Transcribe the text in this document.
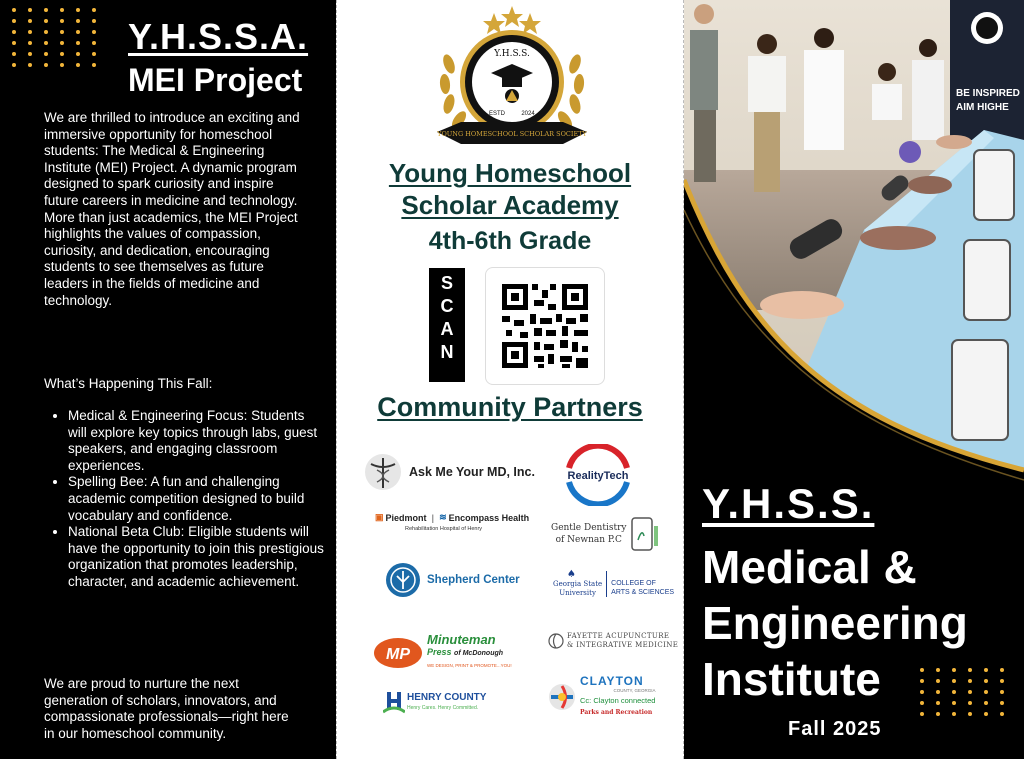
Y.H.S.S.A.
MEI Project
We are thrilled to introduce an exciting and immersive opportunity for homeschool students: The Medical & Engineering Institute (MEI) Project. A dynamic program designed to spark curiosity and inspire future careers in medicine and technology. More than just academics, the MEI Project highlights the values of compassion, curiosity, and dedication, encouraging students to see themselves as future leaders in the fields of medicine and technology.
What’s Happening This Fall:
• Medical & Engineering Focus: Students will explore key topics through labs, guest speakers, and engaging classroom experiences.
• Spelling Bee: A fun and challenging academic competition designed to build vocabulary and confidence.
• National Beta Club: Eligible students will have the opportunity to join this prestigious organization that promotes leadership, character, and academic achievement.
We are proud to nurture the next generation of scholars, innovators, and compassionate professionals—right here in our homeschool community.
Y.H.S.S.
ESTD	2024
YOUNG HOMESCHOOL SCHOLAR SOCIETY
Young Homeschool
Scholar Academy
4th-6th Grade
S
C
A
N
Community Partners
Ask Me Your MD, Inc.	RealityTech
▣ Piedmont | ≋ Encompass Health
Rehabilitation Hospital of Henry	Gentle Dentistry
of Newnan P.C
Shepherd Center	♠
Georgia State
University
COLLEGE OF
ARTS & SCIENCES
MP
Minuteman
Press of McDonough
WE DESIGN, PRINT & PROMOTE...YOU!
FAYETTE ACUPUNCTURE
& INTEGRATIVE MEDICINE
HENRY COUNTY
Henry Cares. Henry Committed.
CLAYTON
COUNTY, GEORGIA
Cc: Clayton connected
Parks and Recreation
BE INSPIRED
AIM HIGHE
Y.H.S.S.
Medical &
Engineering
Institute
Fall 2025
